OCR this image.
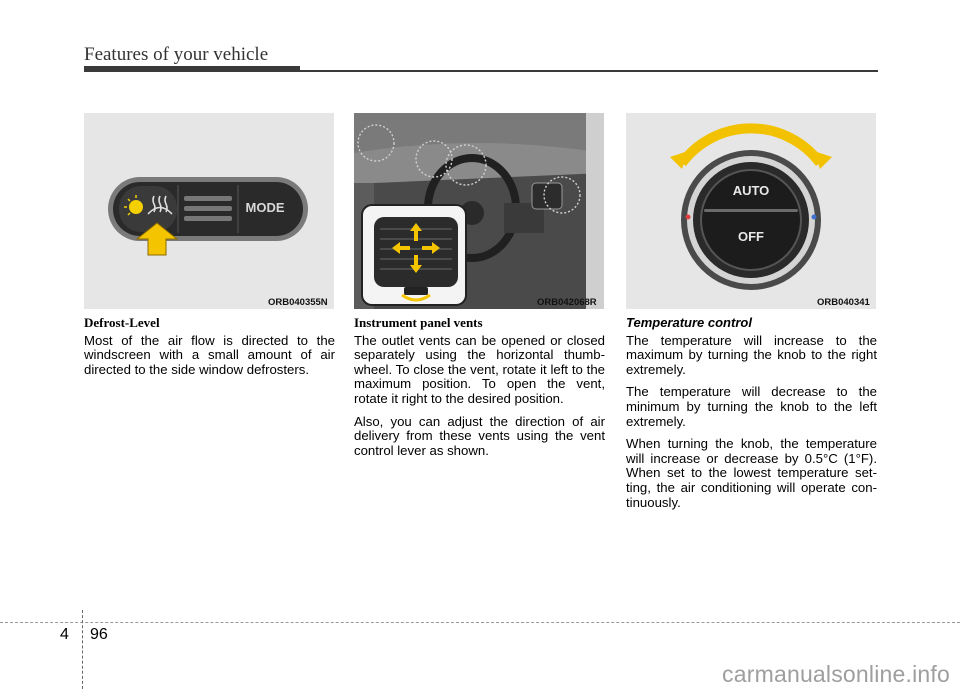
Features of your vehicle
MODE
ORB040355N	ORB042068R
AUTO
OFF
ORB040341
Defrost-Level

Most of the air flow is directed to the windscreen with a small amount of air directed to the side window defrosters.

Instrument panel vents

The outlet vents can be opened or closed separately using the horizontal thumb-wheel. To close the vent, rotate it left to the maximum position. To open the vent, rotate it right to the desired position.

Also, you can adjust the direction of air delivery from these vents using the vent control lever as shown.

Temperature control

The temperature will increase to the maximum by turning the knob to the right extremely.

The temperature will decrease to the minimum by turning the knob to the left extremely.

When turning the knob, the temperature will increase or decrease by 0.5°C (1°F). When set to the lowest temperature set-ting, the air conditioning will operate con-tinuously.

4 96
carmanualsonline.info
